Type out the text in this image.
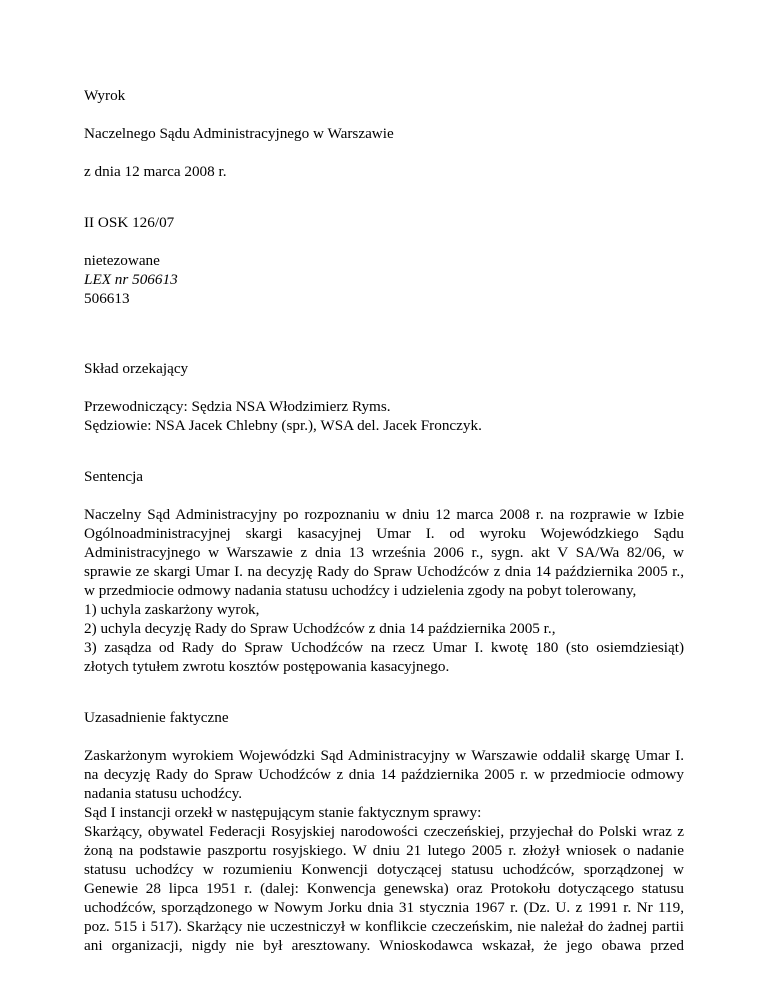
Wyrok

Naczelnego Sądu Administracyjnego w Warszawie

z dnia 12 marca 2008 r.

II OSK 126/07

nietezowane

LEX nr 506613

506613

Skład orzekający

Przewodniczący: Sędzia NSA Włodzimierz Ryms.

Sędziowie: NSA Jacek Chlebny (spr.), WSA del. Jacek Fronczyk.

Sentencja

Naczelny Sąd Administracyjny po rozpoznaniu w dniu 12 marca 2008 r. na rozprawie w Izbie
Ogólnoadministracyjnej skargi kasacyjnej Umar I. od wyroku Wojewódzkiego Sądu
Administracyjnego w Warszawie z dnia 13 września 2006 r., sygn. akt V SA/Wa 82/06, w
sprawie ze skargi Umar I. na decyzję Rady do Spraw Uchodźców z dnia 14 października 2005 r.,
w przedmiocie odmowy nadania statusu uchodźcy i udzielenia zgody na pobyt tolerowany,
1) uchyla zaskarżony wyrok,
2) uchyla decyzję Rady do Spraw Uchodźców z dnia 14 października 2005 r.,
3) zasądza od Rady do Spraw Uchodźców na rzecz Umar I. kwotę 180 (sto osiemdziesiąt)
złotych tytułem zwrotu kosztów postępowania kasacyjnego.

Uzasadnienie faktyczne

Zaskarżonym wyrokiem Wojewódzki Sąd Administracyjny w Warszawie oddalił skargę Umar I.
na decyzję Rady do Spraw Uchodźców z dnia 14 października 2005 r. w przedmiocie odmowy
nadania statusu uchodźcy.

Sąd I instancji orzekł w następującym stanie faktycznym sprawy:

Skarżący, obywatel Federacji Rosyjskiej narodowości czeczeńskiej, przyjechał do Polski wraz z
żoną na podstawie paszportu rosyjskiego. W dniu 21 lutego 2005 r. złożył wniosek o nadanie
statusu uchodźcy w rozumieniu Konwencji dotyczącej statusu uchodźców, sporządzonej w
Genewie 28 lipca 1951 r. (dalej: Konwencja genewska) oraz Protokołu dotyczącego statusu
uchodźców, sporządzonego w Nowym Jorku dnia 31 stycznia 1967 r. (Dz. U. z 1991 r. Nr 119,
poz. 515 i 517). Skarżący nie uczestniczył w konflikcie czeczeńskim, nie należał do żadnej partii
ani organizacji, nigdy nie był aresztowany. Wnioskodawca wskazał, że jego obawa przed
